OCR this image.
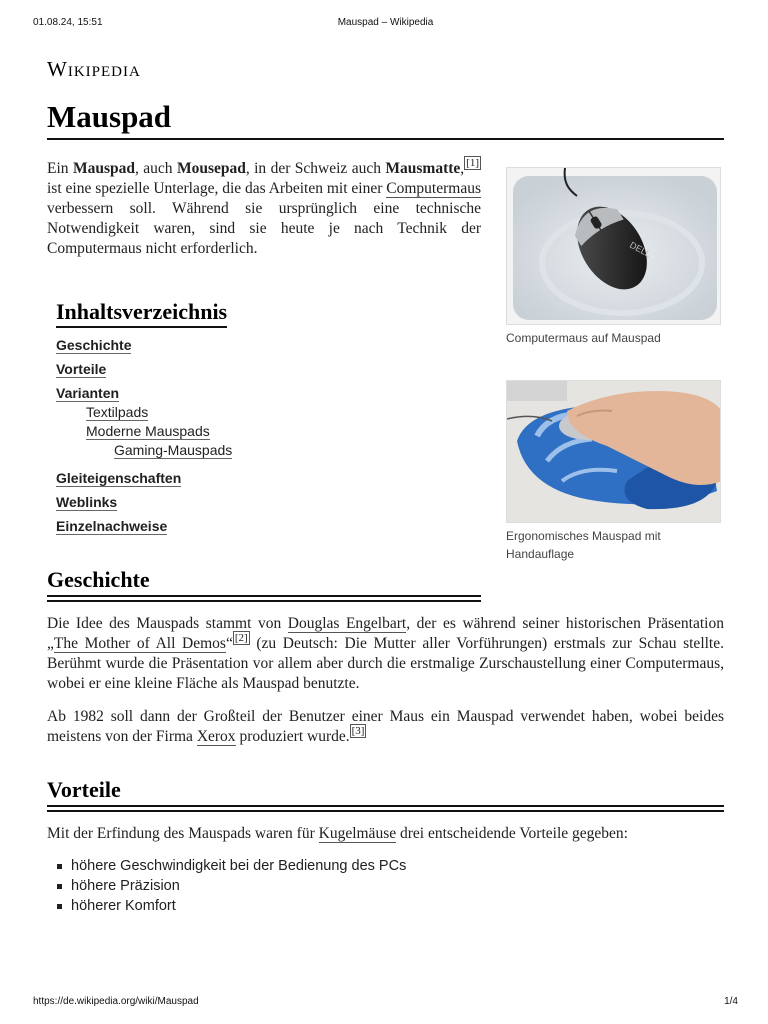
01.08.24, 15:51	Mauspad – Wikipedia
Wikipedia
Mauspad

Ein Mauspad, auch Mousepad, in der Schweiz auch Mausmatte, [1] ist eine spezielle Unterlage, die das Arbeiten mit einer Computermaus verbessern soll. Während sie ursprünglich eine technische Notwendigkeit waren, sind sie heute je nach Technik der Computermaus nicht erforderlich.	DELL
Computermaus auf Mauspad
Ergonomisches Mauspad mit Handauflage
Inhaltsverzeichnis
Geschichte
Vorteile
Varianten
Textilpads
Moderne Mauspads
Gaming-Mauspads
Gleiteigenschaften
Weblinks
Einzelnachweise
Geschichte

Die Idee des Mauspads stammt von Douglas Engelbart, der es während seiner historischen Präsentation „The Mother of All Demos“ [2] (zu Deutsch: Die Mutter aller Vorführungen) erstmals zur Schau stellte. Berühmt wurde die Präsentation vor allem aber durch die erstmalige Zurschaustellung einer Computermaus, wobei er eine kleine Fläche als Mauspad benutzte.

Ab 1982 soll dann der Großteil der Benutzer einer Maus ein Mauspad verwendet haben, wobei beides meistens von der Firma Xerox produziert wurde. [3]

Vorteile

Mit der Erfindung des Mauspads waren für Kugelmäuse drei entscheidende Vorteile gegeben:

höhere Geschwindigkeit bei der Bedienung des PCs
höhere Präzision
höherer Komfort
https://de.wikipedia.org/wiki/Mauspad	1/4
